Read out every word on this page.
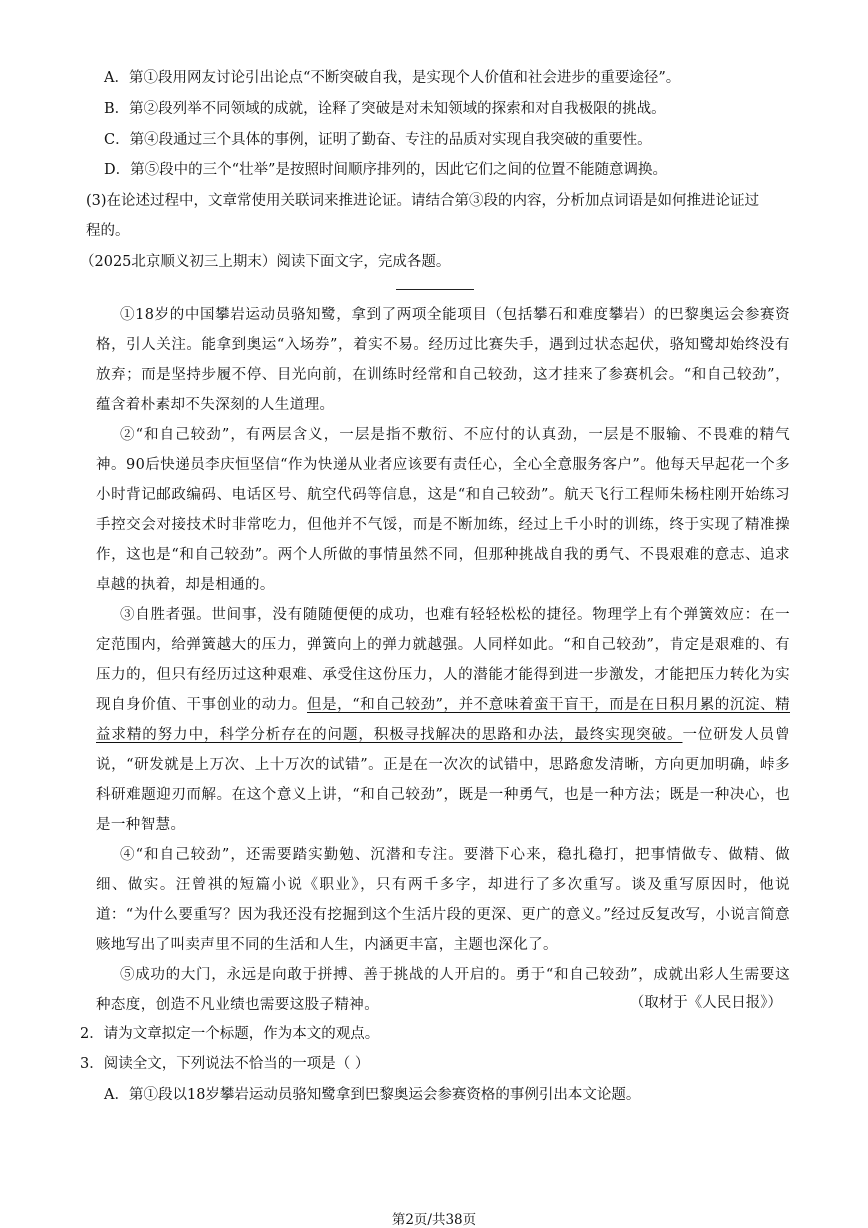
A．第①段用网友讨论引出论点“不断突破自我，是实现个人价值和社会进步的重要途径”。
B．第②段列举不同领域的成就，诠释了突破是对未知领域的探索和对自我极限的挑战。
C．第④段通过三个具体的事例，证明了勤奋、专注的品质对实现自我突破的重要性。
D．第⑤段中的三个“壮举”是按照时间顺序排列的，因此它们之间的位置不能随意调换。
(3)在论述过程中，文章常使用关联词来推进论证。请结合第③段的内容，分析加点词语是如何推进论证过
程的。
（2025北京顺义初三上期末）阅读下面文字，完成各题。

①18岁的中国攀岩运动员骆知鹭，拿到了两项全能项目（包括攀石和难度攀岩）的巴黎奥运会参赛资格，引人关注。能拿到奥运“入场券”，着实不易。经历过比赛失手，遇到过状态起伏，骆知鹭却始终没有放弃；而是坚持步履不停、目光向前，在训练时经常和自己较劲，这才挂来了参赛机会。“和自己较劲”，蕴含着朴素却不失深刻的人生道理。

②“和自己较劲”，有两层含义，一层是指不敷衍、不应付的认真劲，一层是不服输、不畏难的精气神。90后快递员李庆恒坚信“作为快递从业者应该要有责任心，全心全意服务客户”。他每天早起花一个多小时背记邮政编码、电话区号、航空代码等信息，这是“和自己较劲”。航天飞行工程师朱杨柱刚开始练习手控交会对接技术时非常吃力，但他并不气馁，而是不断加练，经过上千小时的训练，终于实现了精准操作，这也是“和自己较劲”。两个人所做的事情虽然不同，但那种挑战自我的勇气、不畏艰难的意志、追求卓越的执着，却是相通的。

③自胜者强。世间事，没有随随便便的成功，也难有轻轻松松的捷径。物理学上有个弹簧效应：在一定范围内，给弹簧越大的压力，弹簧向上的弹力就越强。人同样如此。“和自己较劲”，肯定是艰难的、有压力的，但只有经历过这种艰难、承受住这份压力，人的潜能才能得到进一步激发，才能把压力转化为实现自身价值、干事创业的动力。但是，“和自己较劲”，并不意味着蛮干盲干，而是在日积月累的沉淀、精益求精的努力中，科学分析存在的问题，积极寻找解决的思路和办法，最终实现突破。一位研发人员曾说，“研发就是上万次、上十万次的试错”。正是在一次次的试错中，思路愈发清晰，方向更加明确，峠多科研难题迎刃而解。在这个意义上讲，“和自己较劲”，既是一种勇气，也是一种方法；既是一种决心，也是一种智慧。

④“和自己较劲”，还需要踏实勤勉、沉潜和专注。要潜下心来，稳扎稳打，把事情做专、做精、做细、做实。汪曾祺的短篇小说《职业》，只有两千多字，却进行了多次重写。谈及重写原因时，他说道：“为什么要重写？因为我还没有挖掘到这个生活片段的更深、更广的意义。”经过反复改写，小说言简意赅地写出了叫卖声里不同的生活和人生，内涵更丰富，主题也深化了。

⑤成功的大门，永远是向敢于拼搏、善于挑战的人开启的。勇于“和自己较劲”，成就出彩人生需要这种态度，创造不凡业绩也需要这股子精神。	（取材于《人民日报》）
2．请为文章拟定一个标题，作为本文的观点。
3．阅读全文，下列说法不恰当的一项是（ ）
A．第①段以18岁攀岩运动员骆知鹭拿到巴黎奥运会参赛资格的事例引出本文论题。
第2页/共38页
